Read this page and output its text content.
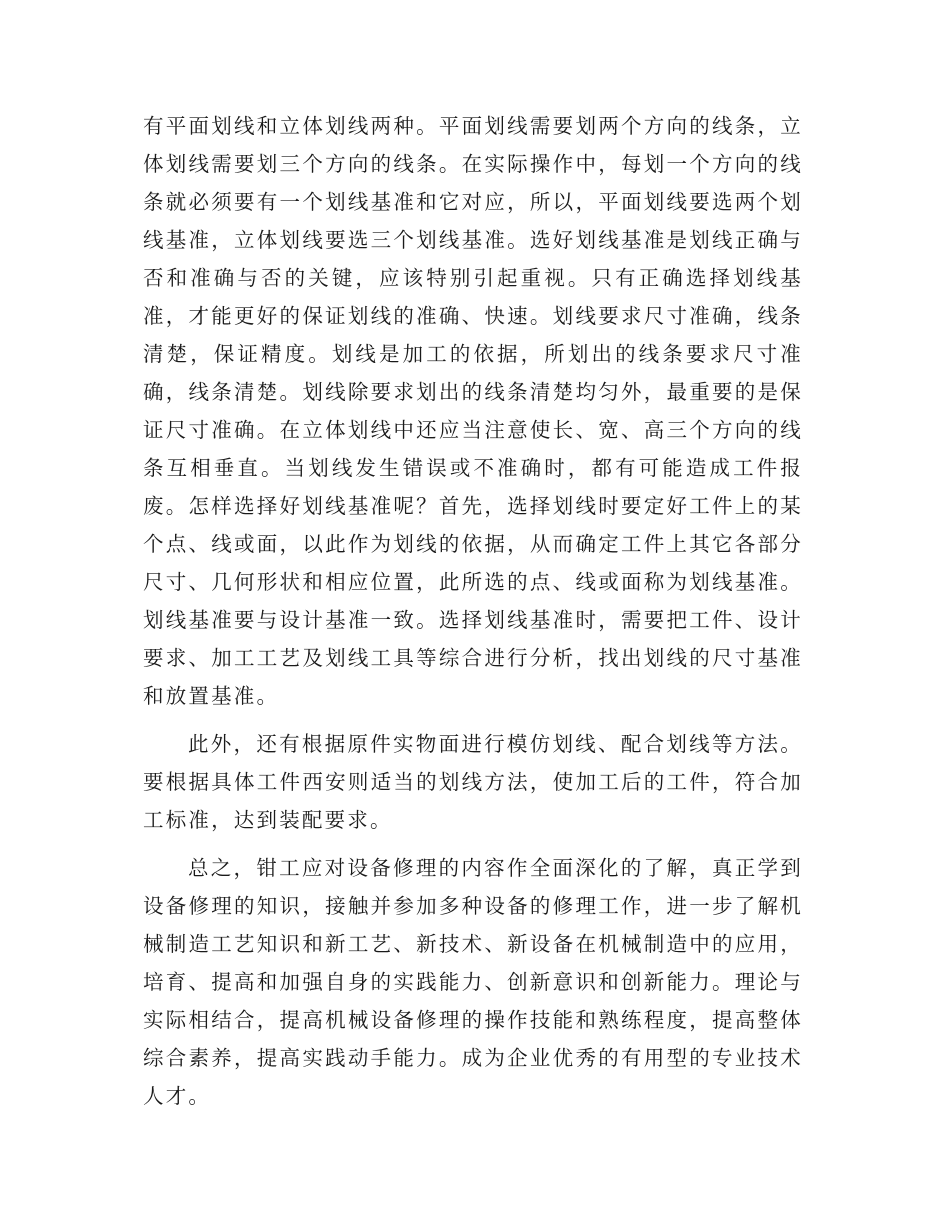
有平面划线和立体划线两种。平面划线需要划两个方向的线条，立体划线需要划三个方向的线条。在实际操作中，每划一个方向的线条就必须要有一个划线基准和它对应，所以，平面划线要选两个划线基准，立体划线要选三个划线基准。选好划线基准是划线正确与否和准确与否的关键，应该特别引起重视。只有正确选择划线基准，才能更好的保证划线的准确、快速。划线要求尺寸准确，线条清楚，保证精度。划线是加工的依据，所划出的线条要求尺寸准确，线条清楚。划线除要求划出的线条清楚均匀外，最重要的是保证尺寸准确。在立体划线中还应当注意使长、宽、高三个方向的线条互相垂直。当划线发生错误或不准确时，都有可能造成工件报废。怎样选择好划线基准呢？首先，选择划线时要定好工件上的某个点、线或面，以此作为划线的依据，从而确定工件上其它各部分尺寸、几何形状和相应位置，此所选的点、线或面称为划线基准。划线基准要与设计基准一致。选择划线基准时，需要把工件、设计要求、加工工艺及划线工具等综合进行分析，找出划线的尺寸基准和放置基准。

此外，还有根据原件实物面进行模仿划线、配合划线等方法。要根据具体工件西安则适当的划线方法，使加工后的工件，符合加工标准，达到装配要求。

总之，钳工应对设备修理的内容作全面深化的了解，真正学到设备修理的知识，接触并参加多种设备的修理工作，进一步了解机械制造工艺知识和新工艺、新技术、新设备在机械制造中的应用，培育、提高和加强自身的实践能力、创新意识和创新能力。理论与实际相结合，提高机械设备修理的操作技能和熟练程度，提高整体综合素养，提高实践动手能力。成为企业优秀的有用型的专业技术人才。
